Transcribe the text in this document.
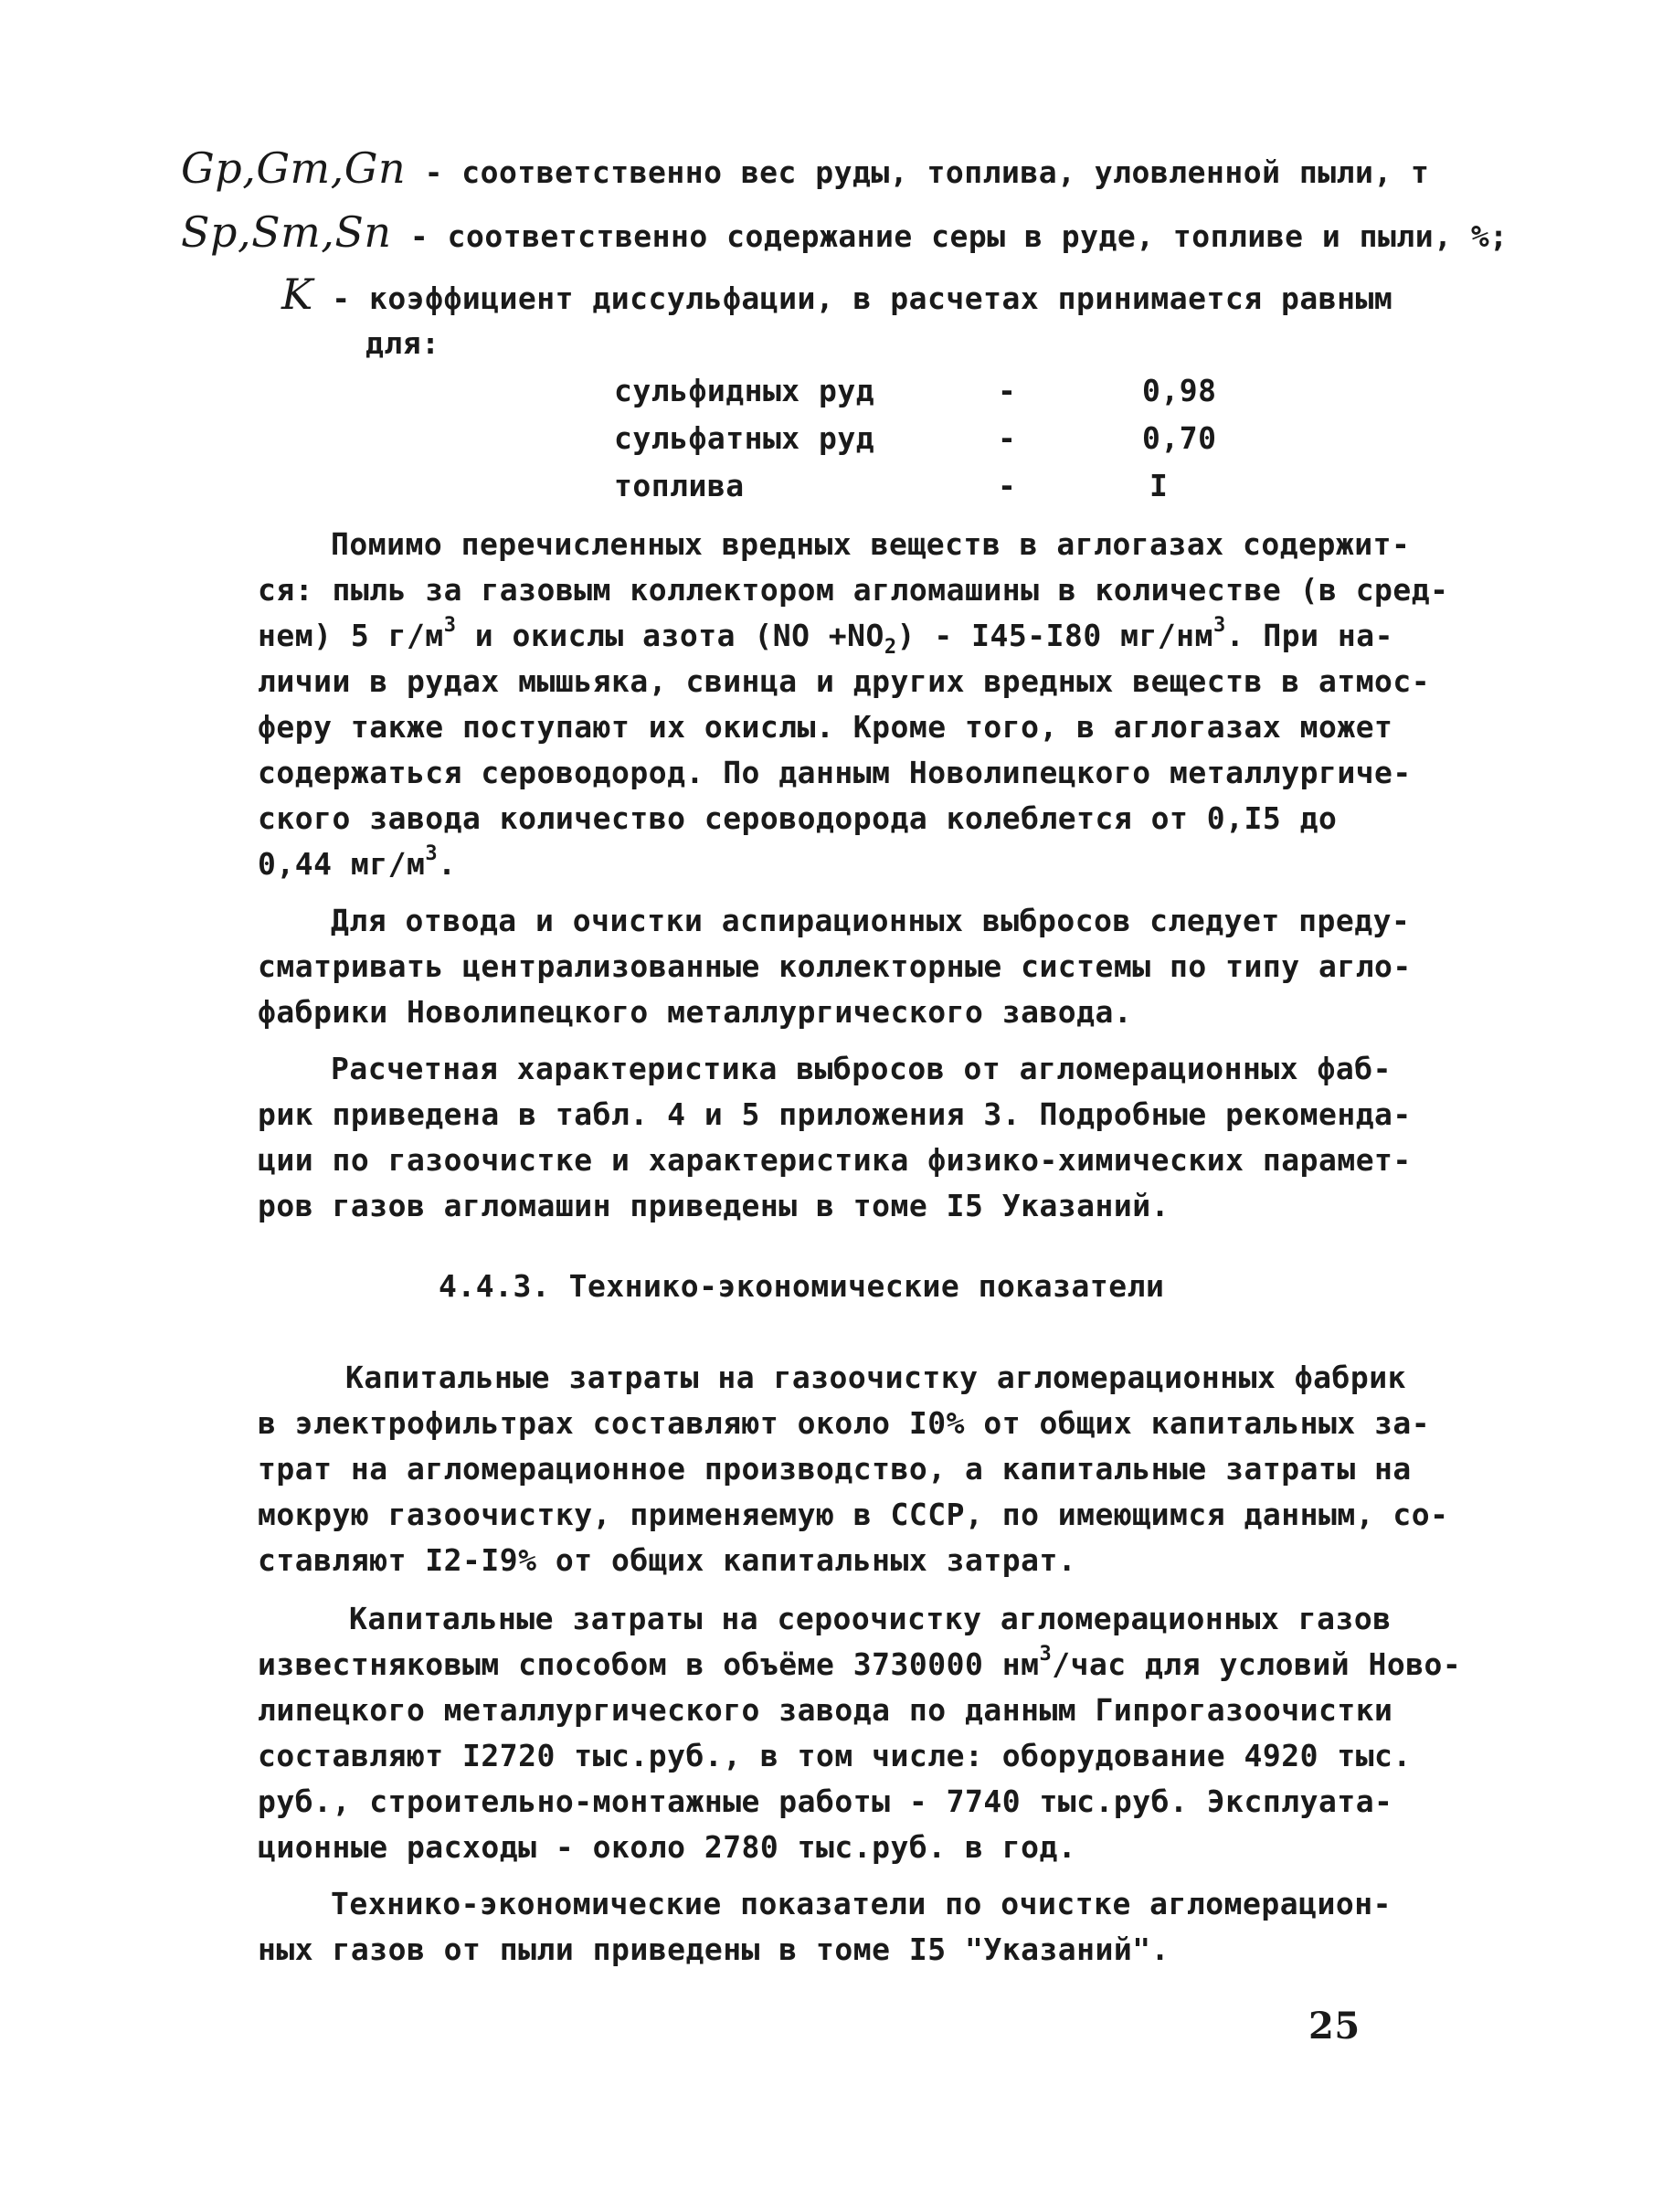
Gр,Gт,Gп - соответственно вес руды, топлива, уловленной пыли, т
Sр,Sт,Sп - соответственно содержание серы в руде, топливе и пыли, %;
K - коэффициент диссульфации, в расчетах принимается равным
для:
сульфидных руд	-	0,98
сульфатных руд	-	0,70
топлива	-	I
Помимо перечисленных вредных веществ в аглогазах содержит-
ся: пыль за газовым коллектором агломашины в количестве (в сред-
нем) 5 $г/м^3$ и окислы азота $(NO +NO_2) - I45-I80$ $мг/нм^3$. При на-
личии в рудах мышьяка, свинца и других вредных веществ в атмос-
феру также поступают их окислы. Кроме того, в аглогазах может
содержаться сероводород. По данным Новолипецкого металлургиче-
ского завода количество сероводорода колеблется от 0,I5 до
0,44 $мг/м^3$.
Для отвода и очистки аспирационных выбросов следует преду-
сматривать централизованные коллекторные системы по типу агло-
фабрики Новолипецкого металлургического завода.
Расчетная характеристика выбросов от агломерационных фаб-
рик приведена в табл. 4 и 5 приложения 3. Подробные рекоменда-
ции по газоочистке и характеристика физико-химических парамет-
ров газов агломашин приведены в томе I5 Указаний.
4.4.3. Технико-экономические показатели
Капитальные затраты на газоочистку агломерационных фабрик
в электрофильтрах составляют около I0% от общих капитальных за-
трат на агломерационное производство, а капитальные затраты на
мокрую газоочистку, применяемую в СССР, по имеющимся данным, со-
ставляют I2-I9% от общих капитальных затрат.
Капитальные затраты на сероочистку агломерационных газов
известняковым способом в объёме 3730000 $нм^3$/час для условий Ново-
липецкого металлургического завода по данным Гипрогазоочистки
составляют I2720 тыс.руб., в том числе: оборудование 4920 тыс.
руб., строительно-монтажные работы - 7740 тыс.руб. Эксплуата-
ционные расходы - около 2780 тыс.руб. в год.
Технико-экономические показатели по очистке агломерацион-
ных газов от пыли приведены в томе I5 "Указаний".
25
